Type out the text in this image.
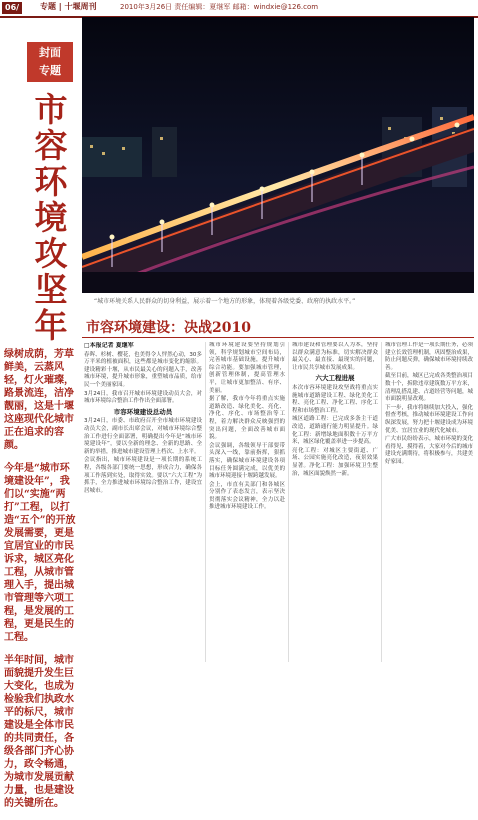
06/	专题 | 十堰周刊	2010年3月26日 责任编辑：夏继军 邮箱：windxie@126.com
封面
专题
市容环境攻坚年
“城市环境关系人民群众的切身利益，展示着一个地方的形象，体现着各级党委、政府的执政水平。”
市容环境建设：决战2010

绿树成荫，芳草鲜美，云蒸风轻，灯火璀璨，路景流连，洁净靓丽，这是十堰这座现代化城市正在追求的容颜。

今年是“城市环境建设年”，我们以“实施“两打”工程，以打造“五个”的开放发展需要，更是宜居宜业的市民诉求，城区亮化工程，从城市管理入手，提出城市管理等六项工程，是发展的工程，更是民生的工程。

半年时间，城市面貌提升发生巨大变化，也成为检验我们执政水平的标尺，城市建设是全体市民的共同责任，各级各部门齐心协力，政令畅通，为城市发展贡献力量，也是建设的关键所在。

□本报记者 夏继军

春晖、杉树、樱花，也美得令人怦然心动，30多万平米的植被面积，这些都是城市变化的缩影。建设精彩十堰，从市民最关心的问题入手，改善城市环境，提升城市形象，重塑城市品质，给市民一个美丽家园。

3月24日，我市召开城市环境建设动员大会，对城市环境综合整治工作作出全面部署。

市容环境建设总动员

3月24日，市委、市政府召开全市城市环境建设动员大会，副市长出席会议，对城市环境综合整治工作进行全面部署，明确提出今年是“城市环境建设年”，要以全新的理念、全新的思路、全新的举措，推进城市建设管理上档次、上水平。

会议指出，城市环境建设是一项长期的系统工程，各级各部门要统一思想，形成合力，确保各项工作落到实处，取得实效。要以“六大工程”为抓手，全力推进城市环境综合整治工作，建设宜居城市。

城市环境建设要坚持规划引领，科学规划城市空间布局，完善城市基础设施，提升城市综合功能。要加强城市管理，创新管理体制，提高管理水平，让城市更加整洁、有序、美丽。

据了解，我市今年将重点实施道路改造、绿化美化、亮化、净化、序化、市场整治等工程，着力解决群众反映强烈的突出问题，全面改善城市面貌。

会议强调，各级领导干部要带头深入一线，靠前指挥，狠抓落实，确保城市环境建设各项目标任务圆满完成，以优美的城市环境迎接十堰跨越发展。

会上，市直有关部门和各城区分别作了表态发言，表示坚决贯彻落实会议精神，全力以赴推进城市环境建设工作。

城市建设和管理要以人为本，坚持以群众满意为标准，切实解决群众最关心、最直接、最现实的问题，让市民共享城市发展成果。

六大工程进展

本次市容环境建设攻坚战将重点实施城市道路建设工程、绿化美化工程、亮化工程、净化工程、序化工程和市场整治工程。

城区道路工程：已完成多条主干道改造，道路通行能力明显提升。绿化工程：新增绿地面积数十万平方米，城区绿化覆盖率进一步提高。

亮化工程：对城区主要街道、广场、公园实施亮化改造，夜景效果显著。净化工程：加强环境卫生整治，城区面貌焕然一新。

城市管理工作是一项长期任务，必须建立长效管理机制，巩固整治成果，防止问题反弹，确保城市环境持续改善。

截至目前，城区已完成各类整治项目数十个，拆除违章建筑数万平方米，清理乱搭乱建、占道经营等问题，城市面貌明显改观。

下一步，我市将继续加大投入，强化督查考核，推动城市环境建设工作向纵深发展，努力把十堰建设成为环境优美、宜居宜业的现代化城市。

广大市民纷纷表示，城市环境的变化看得见、摸得着，大家对今后的城市建设充满期待，将积极参与，共建美好家园。
